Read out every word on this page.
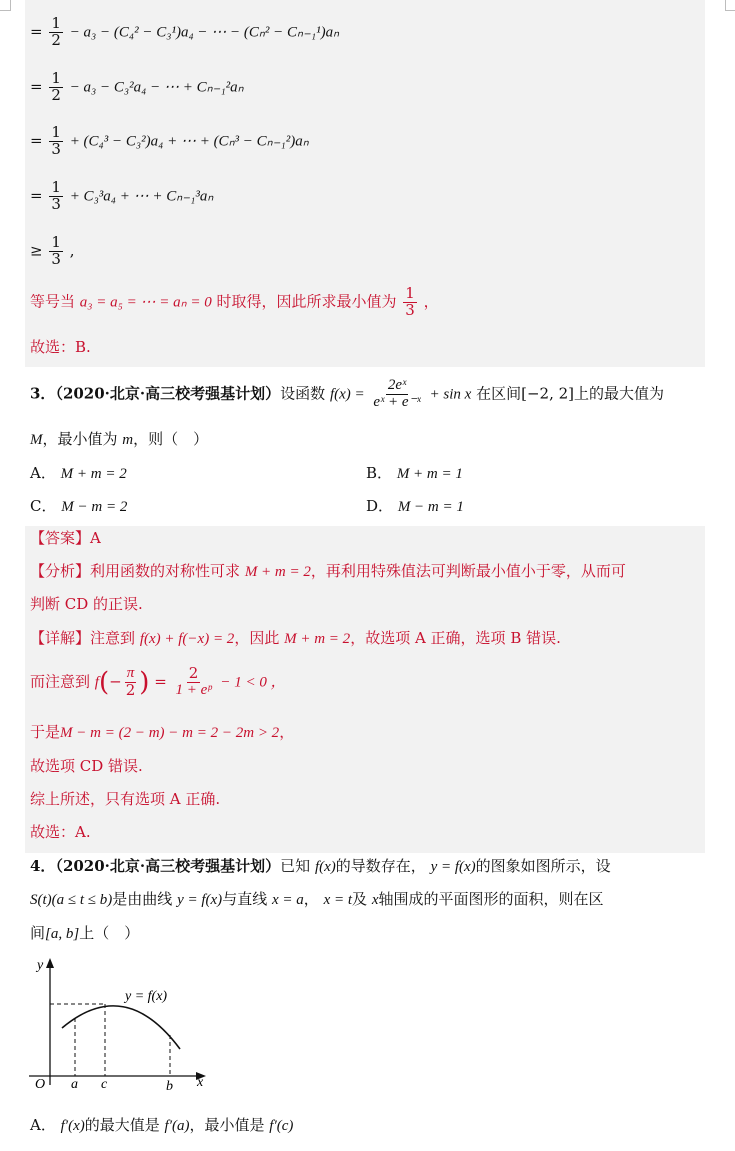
= $\frac{1}{2} - a_3 - (C_4^2 - C_3^1)a_4$ − ⋯ − (Cₙ² − Cₙ₋₁¹)aₙ
= $\frac{1}{2} - a_3 - C_3^2a_4$ − ⋯ + Cₙ₋₁²aₙ
= $\frac{1}{3} + (C_4^3 - C_3^2)a_4$ + ⋯ + (Cₙ³ − Cₙ₋₁²)aₙ
= $\frac{1}{3} + C_3^3a_4$ + ⋯ + Cₙ₋₁³aₙ
≥ $\frac{1}{3}$ ,
等号当 a₃ = a₅ = ⋯ = aₙ = 0 时取得，因此所求最小值为 $\frac{1}{3}$ ，
故选：B.
3．（2020·北京·高三校考强基计划）设函数 $f(x) = \frac{\text{2eˣ}}{\text{eˣ + e⁻ˣ}} + \sin x$ 在区间[−2, 2]上的最大值为
M，最小值为 m，则（　）
A． M + m = 2	B． M + m = 1
C． M − m = 2	D． M − m = 1
【答案】A
【分析】利用函数的对称性可求 M + m = 2，再利用特殊值法可判断最小值小于零，从而可
判断 CD 的正误.
【详解】注意到 f(x) + f(−x) = 2，因此 M + m = 2，故选项 A 正确，选项 B 错误.
而注意到 $f(- \frac{\pi}{2}$ ) = $\frac{2}{\text{1 + eᵖ}} - 1 < 0$ ，
于是M − m = (2 − m) − m = 2 − 2m > 2，
故选项 CD 错误.
综上所述，只有选项 A 正确.
故选：A.
4．（2020·北京·高三校考强基计划）已知 f(x)的导数存在， y = f(x)的图象如图所示，设
S(t)(a ≤ t ≤ b)是由曲线 y = f(x)与直线 x = a， x = t及 x轴围成的平面图形的面积，则在区
间[a, b]上（　）
y
x
O a c	b
y = f(x)
A． f′(x)的最大值是 f′(a)，最小值是 f′(c)
